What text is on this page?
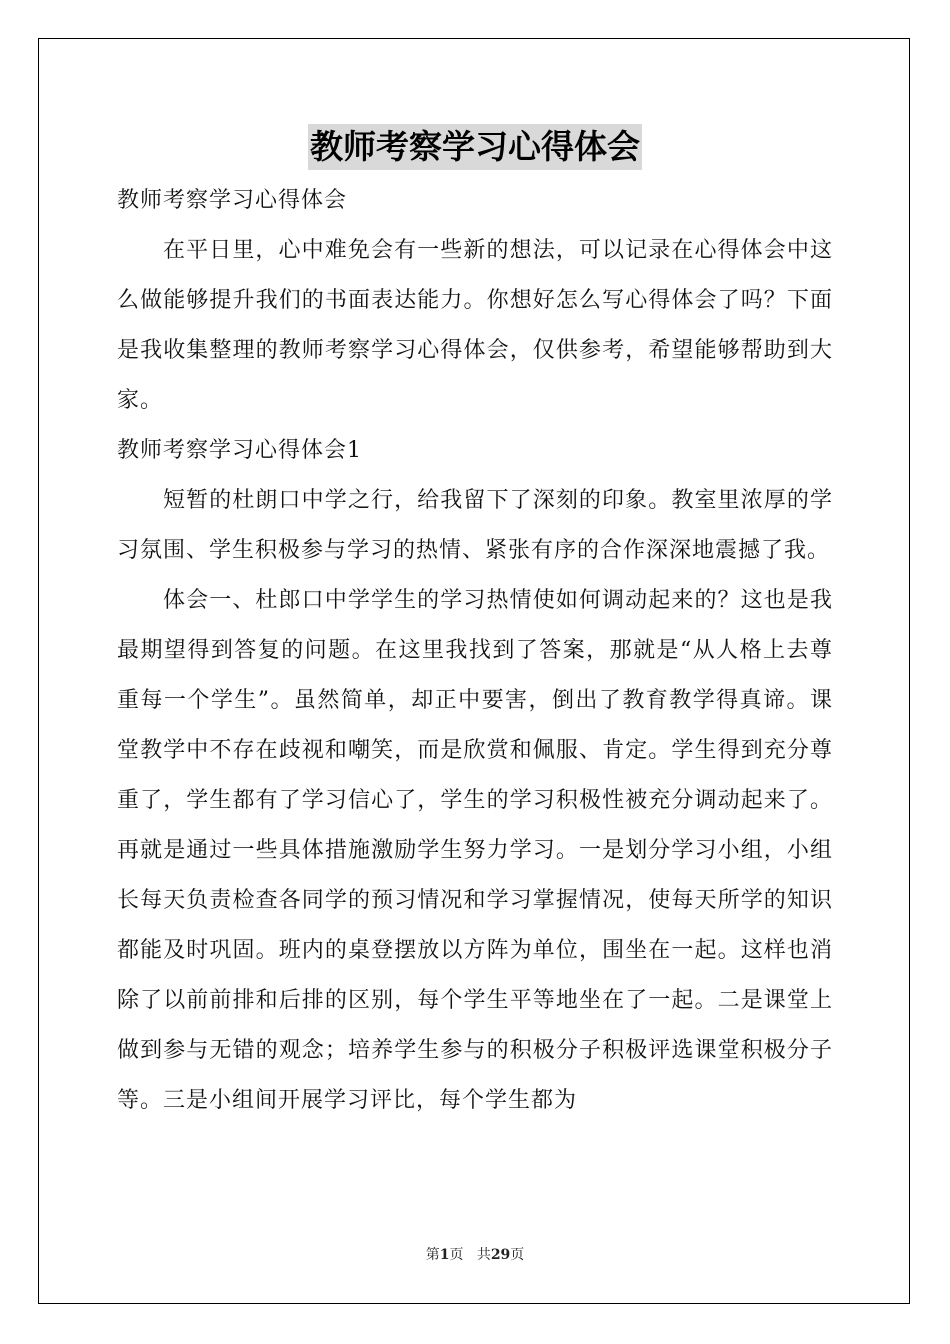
教师考察学习心得体会

教师考察学习心得体会

在平日里，心中难免会有一些新的想法，可以记录在心得体会中这么做能够提升我们的书面表达能力。你想好怎么写心得体会了吗？下面是我收集整理的教师考察学习心得体会，仅供参考，希望能够帮助到大家。

教师考察学习心得体会1

短暂的杜朗口中学之行，给我留下了深刻的印象。教室里浓厚的学习氛围、学生积极参与学习的热情、紧张有序的合作深深地震撼了我。

体会一、杜郎口中学学生的学习热情使如何调动起来的？这也是我最期望得到答复的问题。在这里我找到了答案，那就是“从人格上去尊重每一个学生”。虽然简单，却正中要害，倒出了教育教学得真谛。课堂教学中不存在歧视和嘲笑，而是欣赏和佩服、肯定。学生得到充分尊重了，学生都有了学习信心了，学生的学习积极性被充分调动起来了。再就是通过一些具体措施激励学生努力学习。一是划分学习小组，小组长每天负责检查各同学的预习情况和学习掌握情况，使每天所学的知识都能及时巩固。班内的桌登摆放以方阵为单位，围坐在一起。这样也消除了以前前排和后排的区别，每个学生平等地坐在了一起。二是课堂上做到参与无错的观念；培养学生参与的积极分子积极评选课堂积极分子等。三是小组间开展学习评比，每个学生都为

第1页 共29页
